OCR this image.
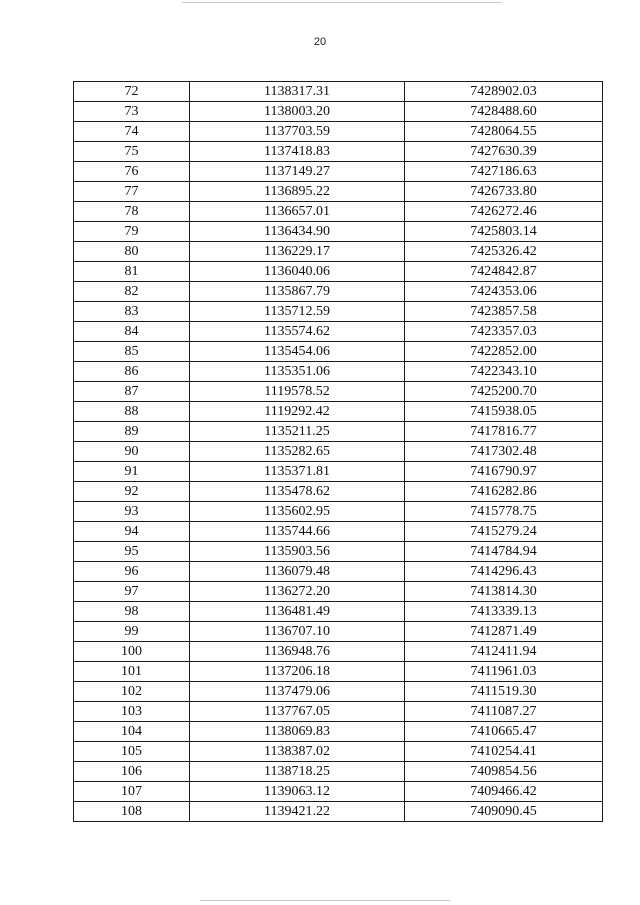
20
72	1138317.31	7428902.03
73	1138003.20	7428488.60
74	1137703.59	7428064.55
75	1137418.83	7427630.39
76	1137149.27	7427186.63
77	1136895.22	7426733.80
78	1136657.01	7426272.46
79	1136434.90	7425803.14
80	1136229.17	7425326.42
81	1136040.06	7424842.87
82	1135867.79	7424353.06
83	1135712.59	7423857.58
84	1135574.62	7423357.03
85	1135454.06	7422852.00
86	1135351.06	7422343.10
87	1119578.52	7425200.70
88	1119292.42	7415938.05
89	1135211.25	7417816.77
90	1135282.65	7417302.48
91	1135371.81	7416790.97
92	1135478.62	7416282.86
93	1135602.95	7415778.75
94	1135744.66	7415279.24
95	1135903.56	7414784.94
96	1136079.48	7414296.43
97	1136272.20	7413814.30
98	1136481.49	7413339.13
99	1136707.10	7412871.49
100	1136948.76	7412411.94
101	1137206.18	7411961.03
102	1137479.06	7411519.30
103	1137767.05	7411087.27
104	1138069.83	7410665.47
105	1138387.02	7410254.41
106	1138718.25	7409854.56
107	1139063.12	7409466.42
108	1139421.22	7409090.45
